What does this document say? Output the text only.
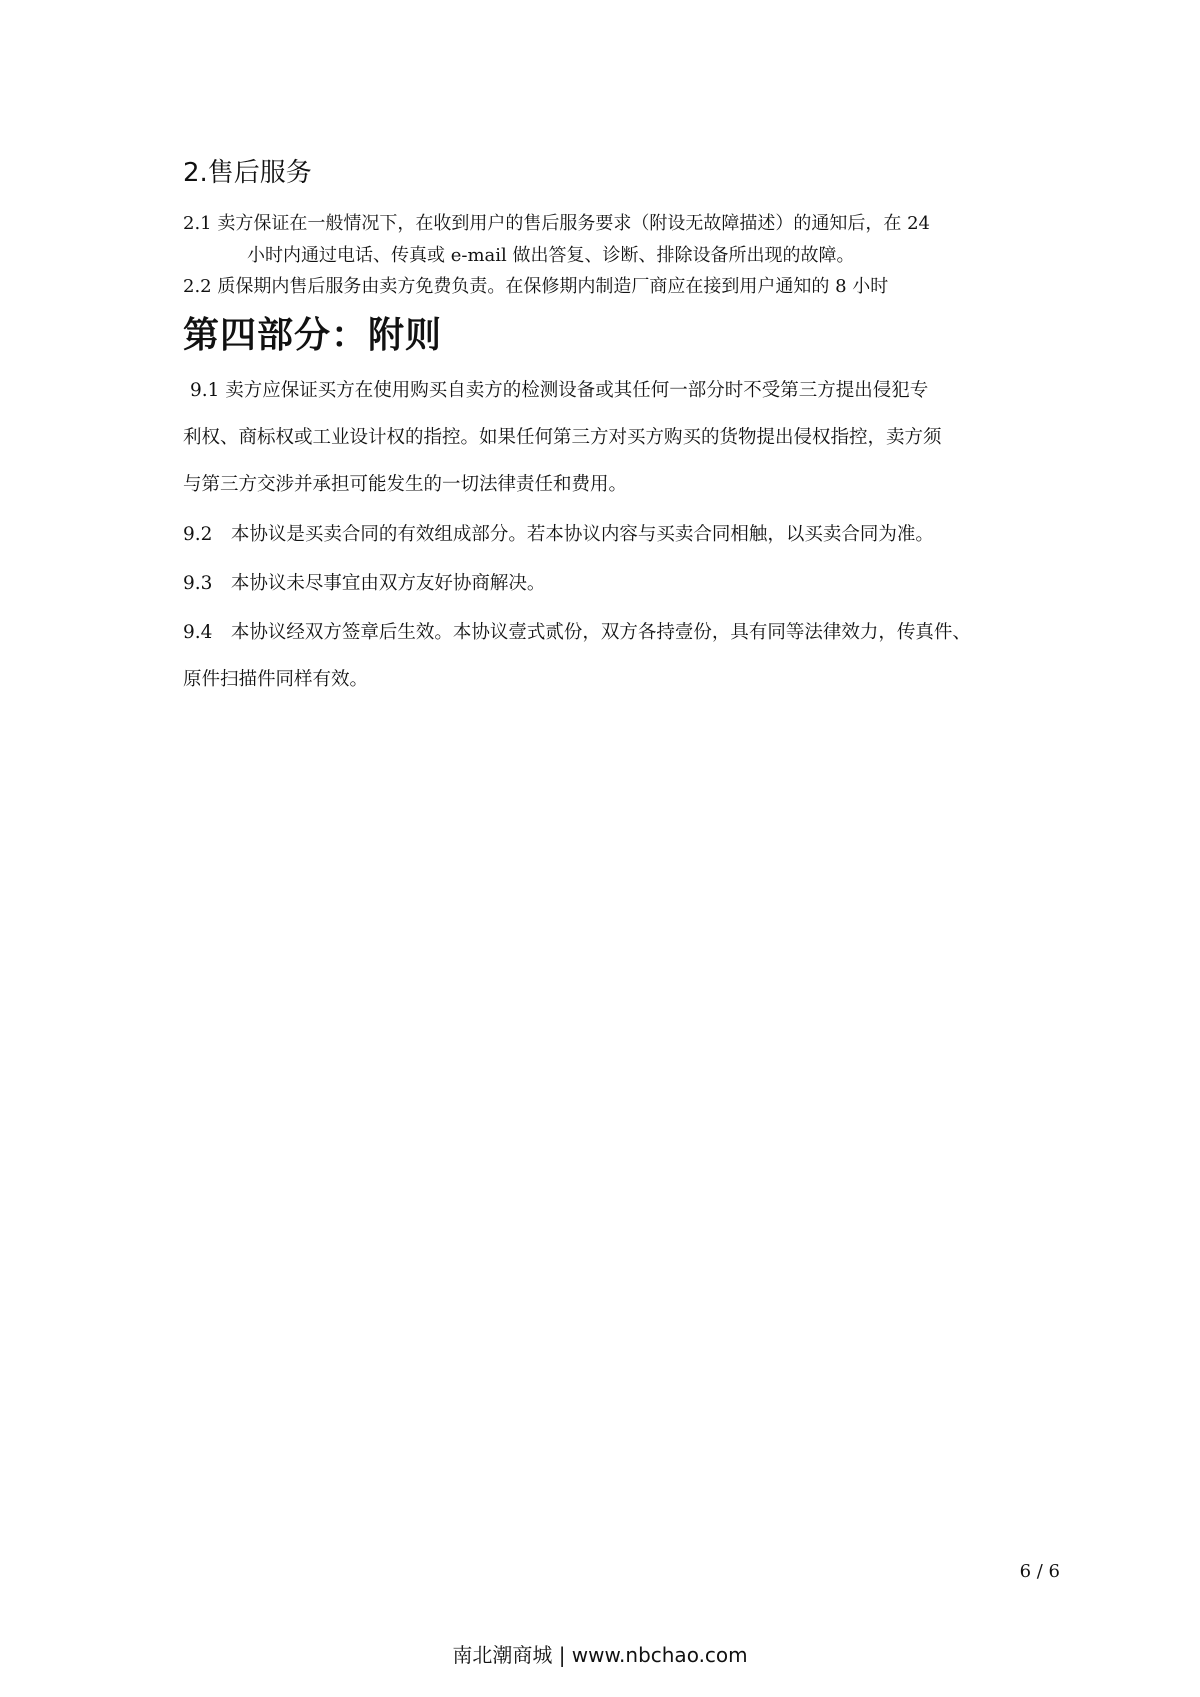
2.售后服务

2.1 卖方保证在一般情况下，在收到用户的售后服务要求（附设无故障描述）的通知后，在 24

小时内通过电话、传真或 e-mail 做出答复、诊断、排除设备所出现的故障。

2.2 质保期内售后服务由卖方免费负责。在保修期内制造厂商应在接到用户通知的 8 小时

第四部分：附则

9.1 卖方应保证买方在使用购买自卖方的检测设备或其任何一部分时不受第三方提出侵犯专

利权、商标权或工业设计权的指控。如果任何第三方对买方购买的货物提出侵权指控，卖方须

与第三方交涉并承担可能发生的一切法律责任和费用。

9.2　本协议是买卖合同的有效组成部分。若本协议内容与买卖合同相触，以买卖合同为准。

9.3　本协议未尽事宜由双方友好协商解决。

9.4　本协议经双方签章后生效。本协议壹式贰份，双方各持壹份，具有同等法律效力，传真件、

原件扫描件同样有效。

6 / 6

南北潮商城 | www.nbchao.com
